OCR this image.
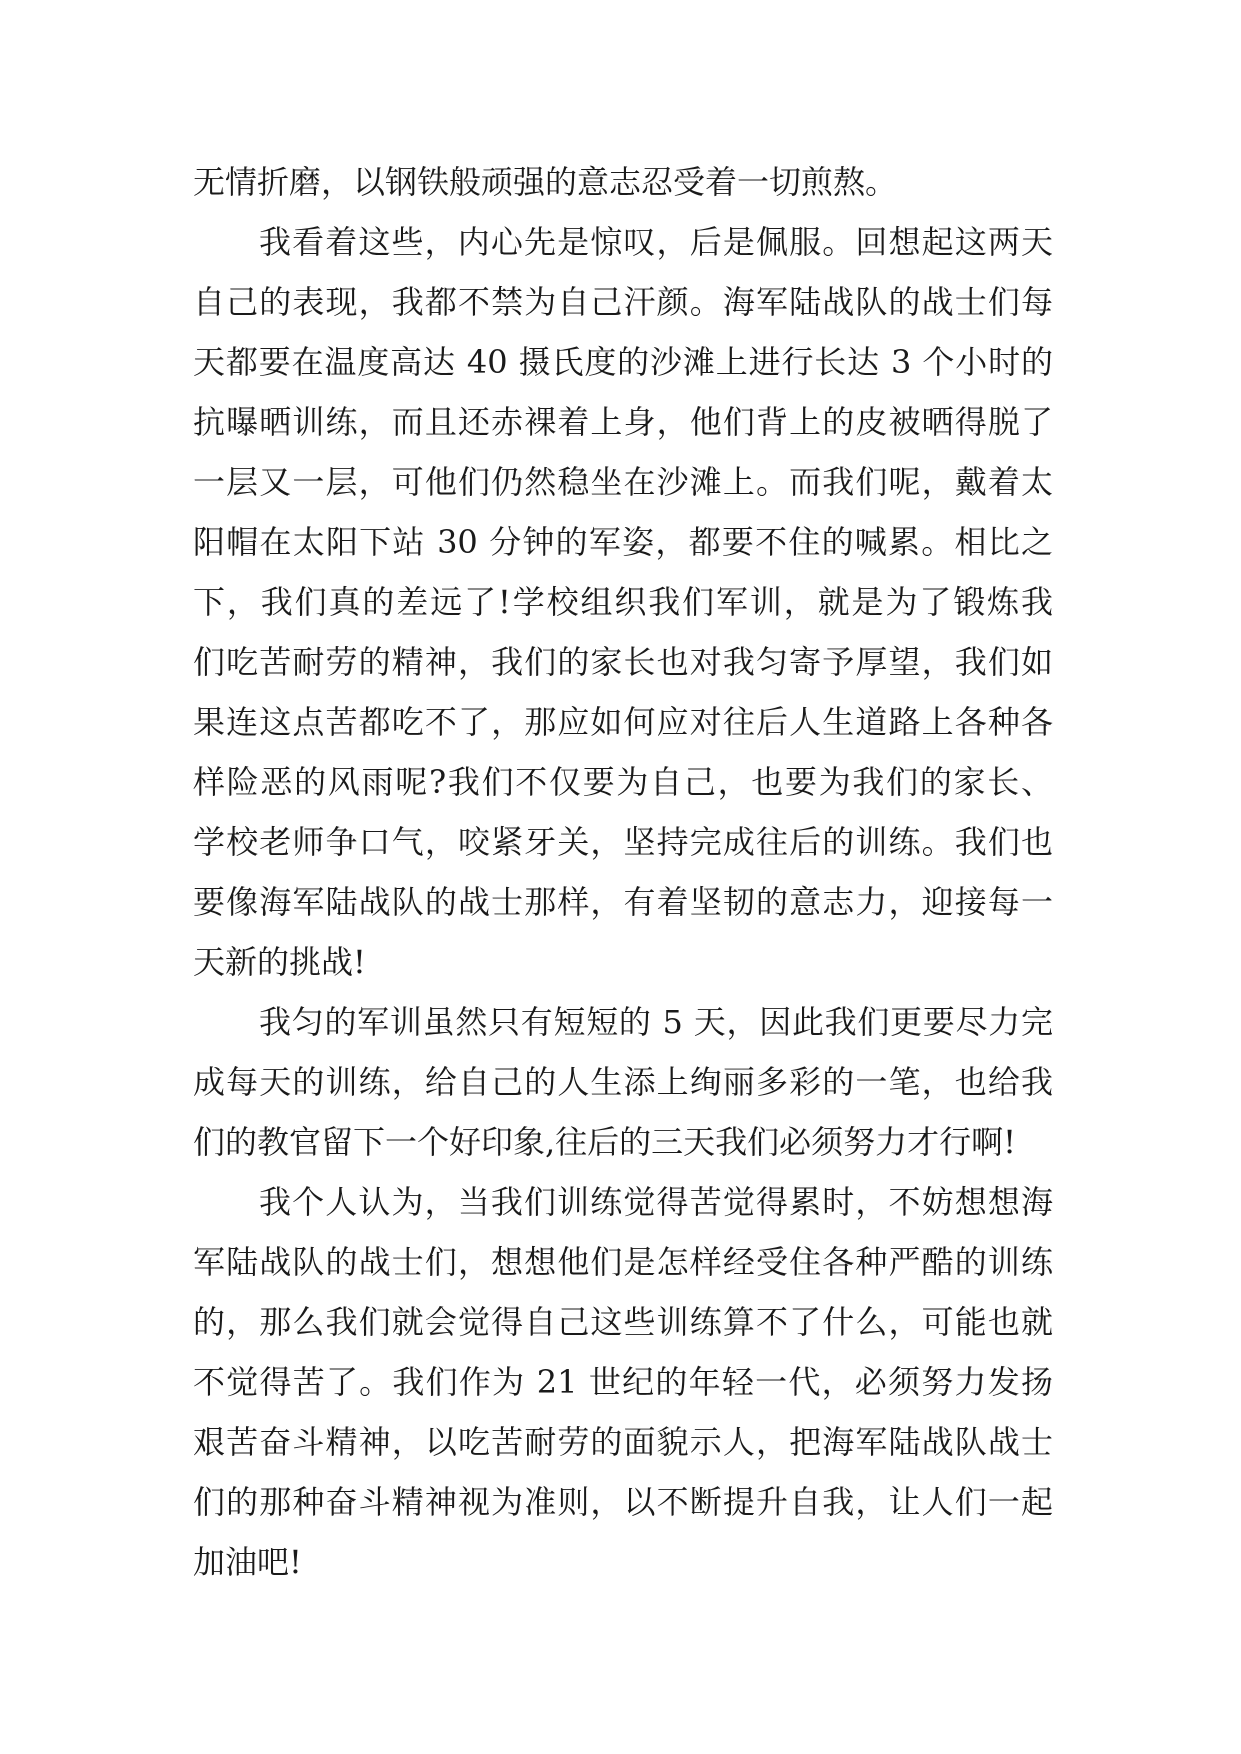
无情折磨，以钢铁般顽强的意志忍受着一切煎熬。
我看着这些，内心先是惊叹，后是佩服。回想起这两天
自己的表现，我都不禁为自己汗颜。海军陆战队的战士们每
天都要在温度高达 40 摄氏度的沙滩上进行长达 3 个小时的
抗曝晒训练，而且还赤裸着上身，他们背上的皮被晒得脱了
一层又一层，可他们仍然稳坐在沙滩上。而我们呢，戴着太
阳帽在太阳下站 30 分钟的军姿，都要不住的喊累。相比之
下，我们真的差远了!学校组织我们军训，就是为了锻炼我
们吃苦耐劳的精神，我们的家长也对我匀寄予厚望，我们如
果连这点苦都吃不了，那应如何应对往后人生道路上各种各
样险恶的风雨呢?我们不仅要为自己，也要为我们的家长、
学校老师争口气，咬紧牙关，坚持完成往后的训练。我们也
要像海军陆战队的战士那样，有着坚韧的意志力，迎接每一
天新的挑战!
我匀的军训虽然只有短短的 5 天，因此我们更要尽力完
成每天的训练，给自己的人生添上绚丽多彩的一笔，也给我
们的教官留下一个好印象,往后的三天我们必须努力才行啊!
我个人认为，当我们训练觉得苦觉得累时，不妨想想海
军陆战队的战士们，想想他们是怎样经受住各种严酷的训练
的，那么我们就会觉得自己这些训练算不了什么，可能也就
不觉得苦了。我们作为 21 世纪的年轻一代，必须努力发扬
艰苦奋斗精神，以吃苦耐劳的面貌示人，把海军陆战队战士
们的那种奋斗精神视为准则，以不断提升自我，让人们一起
加油吧!
